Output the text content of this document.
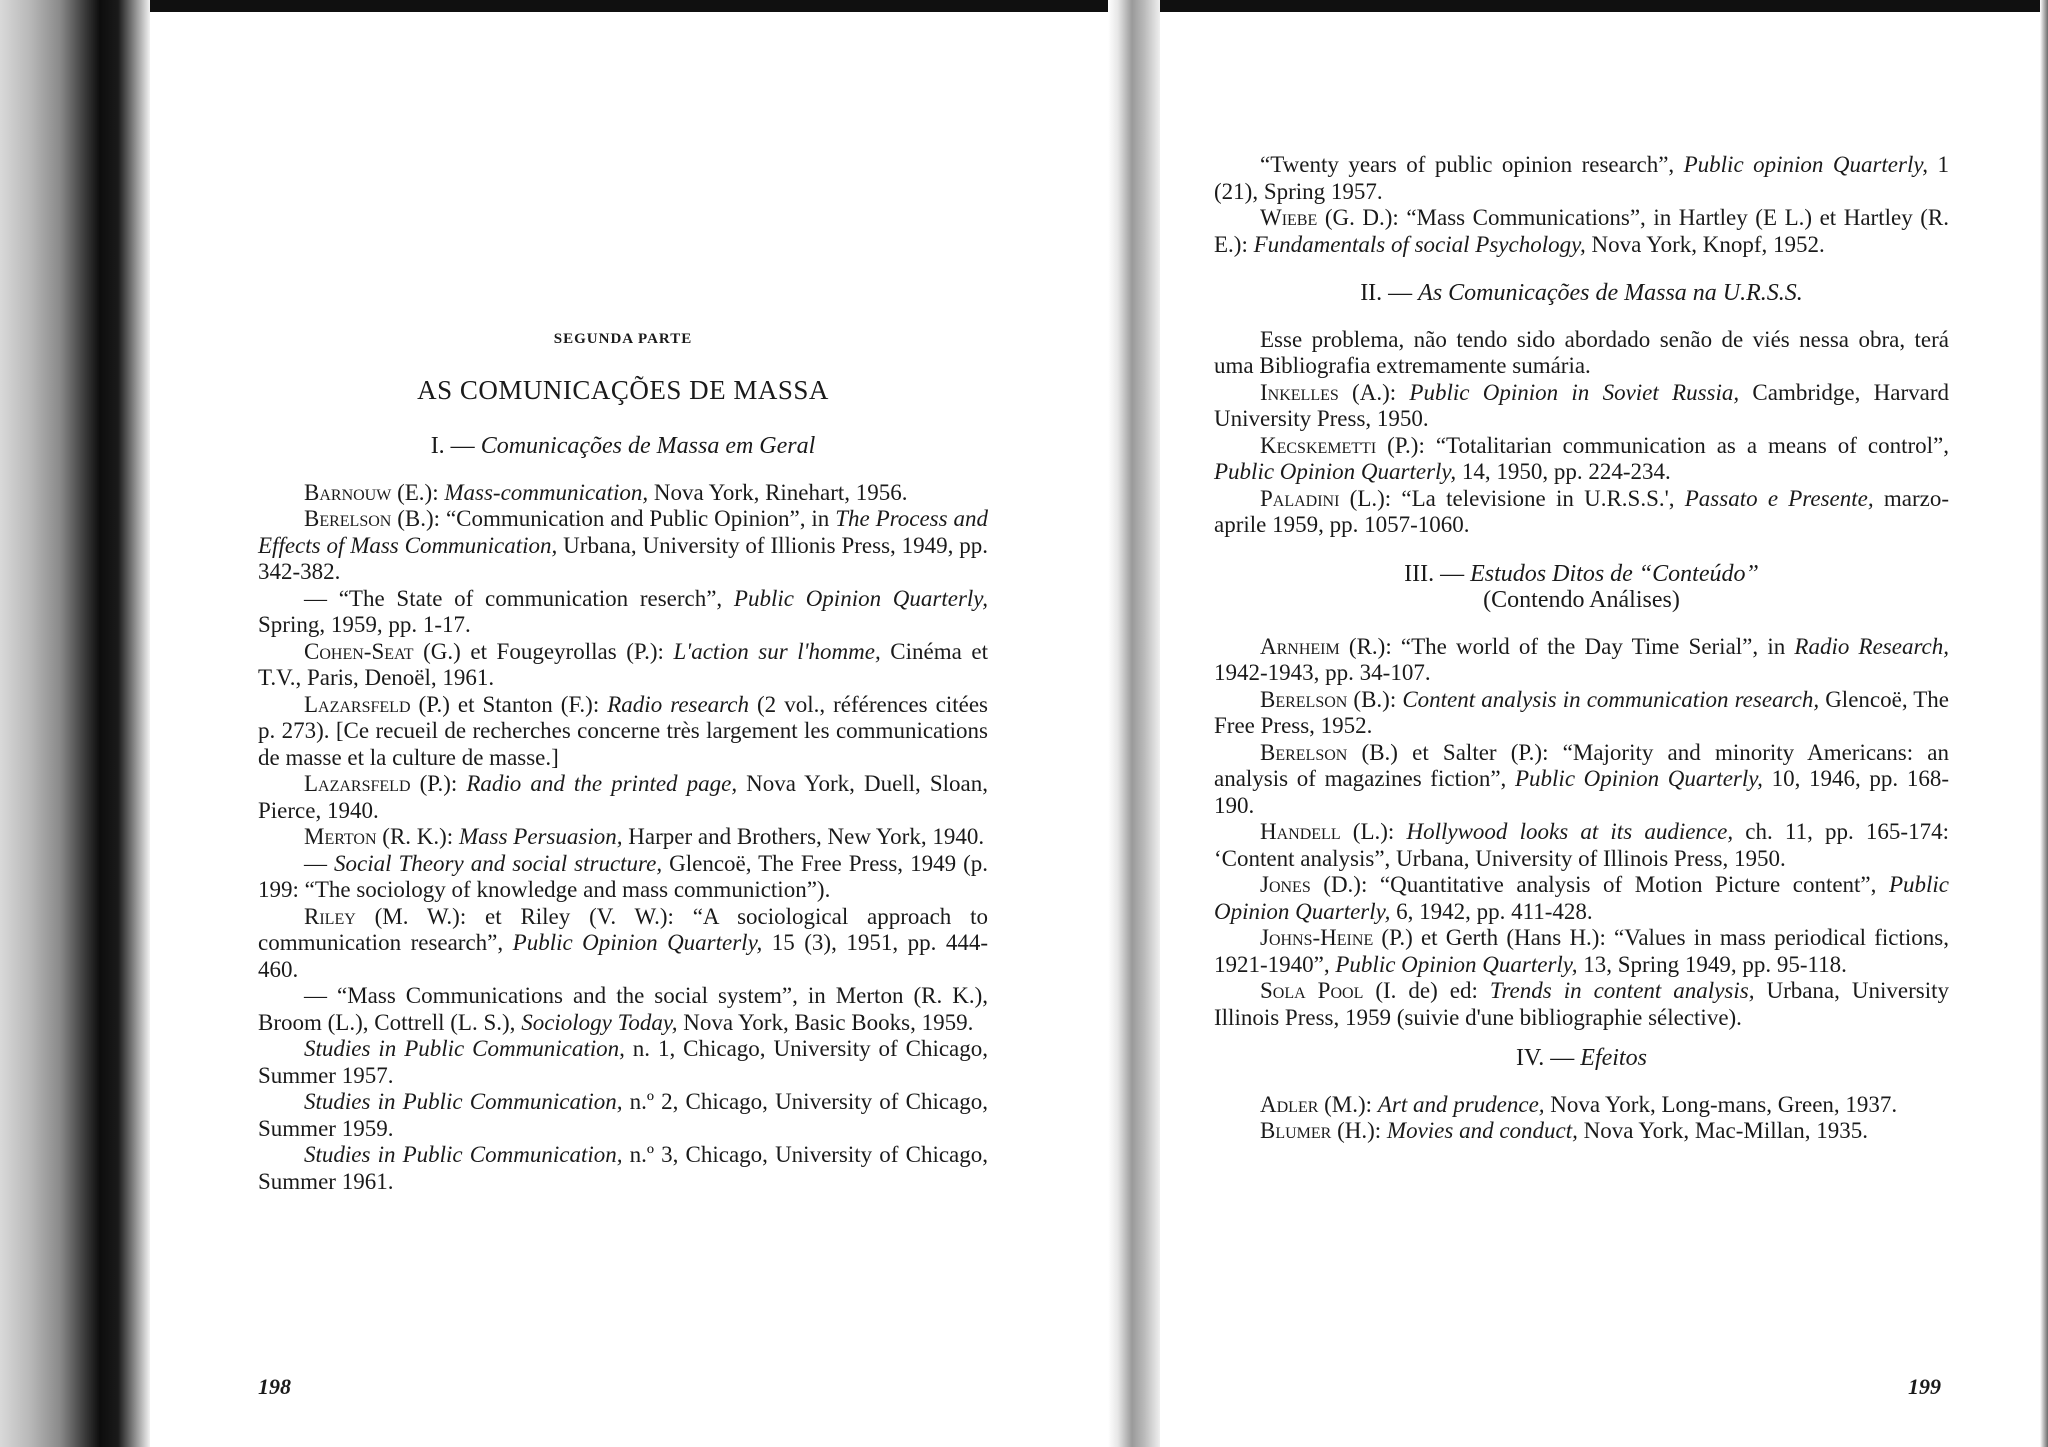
SEGUNDA PARTE
AS COMUNICAÇÕES DE MASSA
I. — Comunicações de Massa em Geral

Barnouw (E.): Mass-communication, Nova York, Rinehart, 1956.

Berelson (B.): “Communication and Public Opinion”, in The Process and Effects of Mass Communication, Urbana, University of Illionis Press, 1949, pp. 342-382.

— “The State of communication reserch”, Public Opinion Quarterly, Spring, 1959, pp. 1-17.

Cohen-Seat (G.) et Fougeyrollas (P.): L'action sur l'homme, Cinéma et T.V., Paris, Denoël, 1961.

Lazarsfeld (P.) et Stanton (F.): Radio research (2 vol., références citées p. 273). [Ce recueil de recherches concerne très largement les communications de masse et la culture de masse.]

Lazarsfeld (P.): Radio and the printed page, Nova York, Duell, Sloan, Pierce, 1940.

Merton (R. K.): Mass Persuasion, Harper and Brothers, New York, 1940.

— Social Theory and social structure, Glencoë, The Free Press, 1949 (p. 199: “The sociology of knowledge and mass communiction”).

Riley (M. W.): et Riley (V. W.): “A sociological approach to communication research”, Public Opinion Quarterly, 15 (3), 1951, pp. 444-460.

— “Mass Communications and the social system”, in Merton (R. K.), Broom (L.), Cottrell (L. S.), Sociology Today, Nova York, Basic Books, 1959.

Studies in Public Communication, n. 1, Chicago, University of Chicago, Summer 1957.

Studies in Public Communication, n.º 2, Chicago, University of Chicago, Summer 1959.

Studies in Public Communication, n.º 3, Chicago, University of Chicago, Summer 1961.

198

“Twenty years of public opinion research”, Public opinion Quarterly, 1 (21), Spring 1957.

Wiebe (G. D.): “Mass Communications”, in Hartley (E L.) et Hartley (R. E.): Fundamentals of social Psychology, Nova York, Knopf, 1952.

II. — As Comunicações de Massa na U.R.S.S.

Esse problema, não tendo sido abordado senão de viés nessa obra, terá uma Bibliografia extremamente sumária.

Inkelles (A.): Public Opinion in Soviet Russia, Cambridge, Harvard University Press, 1950.

Kecskemetti (P.): “Totalitarian communication as a means of control”, Public Opinion Quarterly, 14, 1950, pp. 224-234.

Paladini (L.): “La televisione in U.R.S.S.', Passato e Presente, marzo-aprile 1959, pp. 1057-1060.

III. — Estudos Ditos de “Conteúdo”
(Contendo Análises)

Arnheim (R.): “The world of the Day Time Serial”, in Radio Research, 1942-1943, pp. 34-107.

Berelson (B.): Content analysis in communication research, Glencoë, The Free Press, 1952.

Berelson (B.) et Salter (P.): “Majority and minority Americans: an analysis of magazines fiction”, Public Opinion Quarterly, 10, 1946, pp. 168-190.

Handell (L.): Hollywood looks at its audience, ch. 11, pp. 165-174: ‘Content analysis”, Urbana, University of Illinois Press, 1950.

Jones (D.): “Quantitative analysis of Motion Picture content”, Public Opinion Quarterly, 6, 1942, pp. 411-428.

Johns-Heine (P.) et Gerth (Hans H.): “Values in mass periodical fictions, 1921-1940”, Public Opinion Quarterly, 13, Spring 1949, pp. 95-118.

Sola Pool (I. de) ed: Trends in content analysis, Urbana, University Illinois Press, 1959 (suivie d'une bibliographie sélective).

IV. — Efeitos

Adler (M.): Art and prudence, Nova York, Long-mans, Green, 1937.

Blumer (H.): Movies and conduct, Nova York, Mac-Millan, 1935.

199
